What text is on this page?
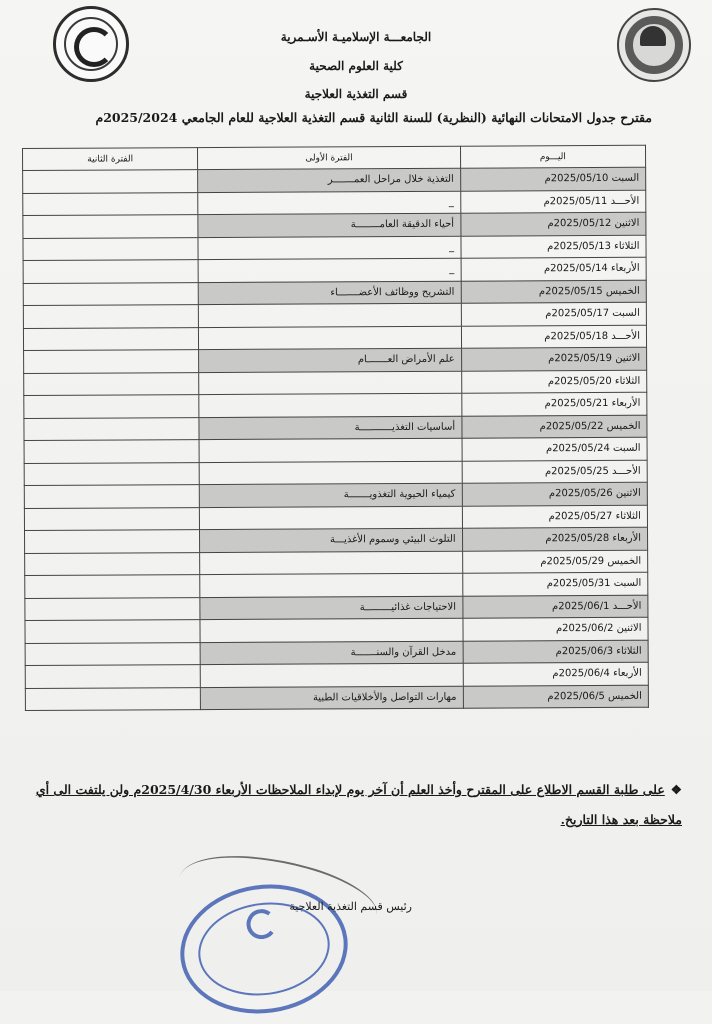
الجامعـــة الإسلاميـة الأسـمرية
كلية العلوم الصحية
قسم التغذية العلاجية
مقترح جدول الامتحانات النهائية (النظرية) للسنة الثانية قسم التغذية العلاجية للعام الجامعي 2025/2024م
اليـــوم	الفترة الأولى	الفترة الثانية
السبت 2025/05/10م	التغذية خلال مراحل العمـــــــر	
الأحـــد 2025/05/11م	_	
الاثنين 2025/05/12م	أحياء الدقيقة العامــــــــة	
الثلاثاء 2025/05/13م	_	
الأربعاء 2025/05/14م	_	
الخميس 2025/05/15م	التشريح ووظائف الأعضـــــــاء	
السبت 2025/05/17م		
الأحـــد 2025/05/18م		
الاثنين 2025/05/19م	علم الأمراض العـــــــام	
الثلاثاء 2025/05/20م		
الأربعاء 2025/05/21م		
الخميس 2025/05/22م	أساسيات التغذيـــــــــــة	
السبت 2025/05/24م		
الأحـــد 2025/05/25م		
الاثنين 2025/05/26م	كيمياء الحيوية التغذويـــــــة	
الثلاثاء 2025/05/27م		
الأربعاء 2025/05/28م	التلوث البيئي وسموم الأغذيـــة	
الخميس 2025/05/29م		
السبت 2025/05/31م		
الأحـــد 2025/06/1م	الاحتياجات غذائيـــــــــة	
الاثنين 2025/06/2م		
الثلاثاء 2025/06/3م	مدخل القرآن والسنـــــــة	
الأربعاء 2025/06/4م		
الخميس 2025/06/5م	مهارات التواصل والأخلاقيات الطبية	
❖على طلبة القسم الاطلاع على المقترح وأخذ العلم أن آخر يوم لإبداء الملاحظات الأربعاء 2025/4/30م ولن يلتفت الى أي ملاحظة بعد هذا التاريخ.
رئيس قسم التغذية العلاجية
